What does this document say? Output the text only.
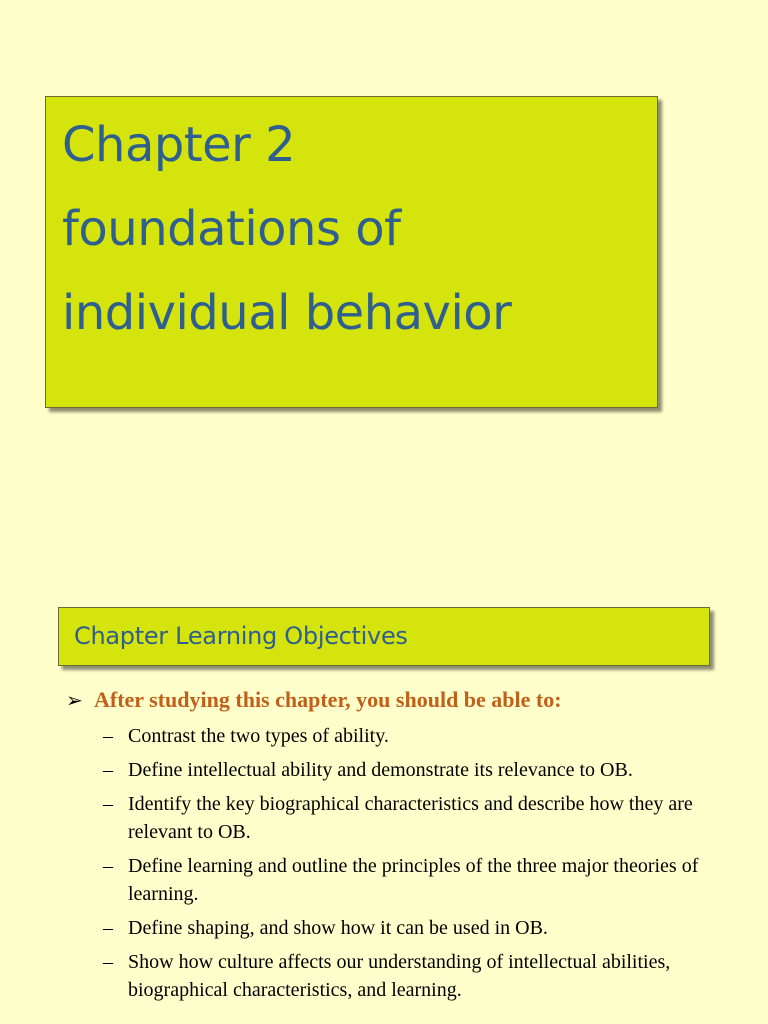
Chapter 2
foundations of
individual behavior
Chapter Learning Objectives
➢ After studying this chapter, you should be able to:
– Contrast the two types of ability.
– Define intellectual ability and demonstrate its relevance to OB.
– Identify the key biographical characteristics and describe how they are relevant to OB.
– Define learning and outline the principles of the three major theories of learning.
– Define shaping, and show how it can be used in OB.
– Show how culture affects our understanding of intellectual abilities, biographical characteristics, and learning.
